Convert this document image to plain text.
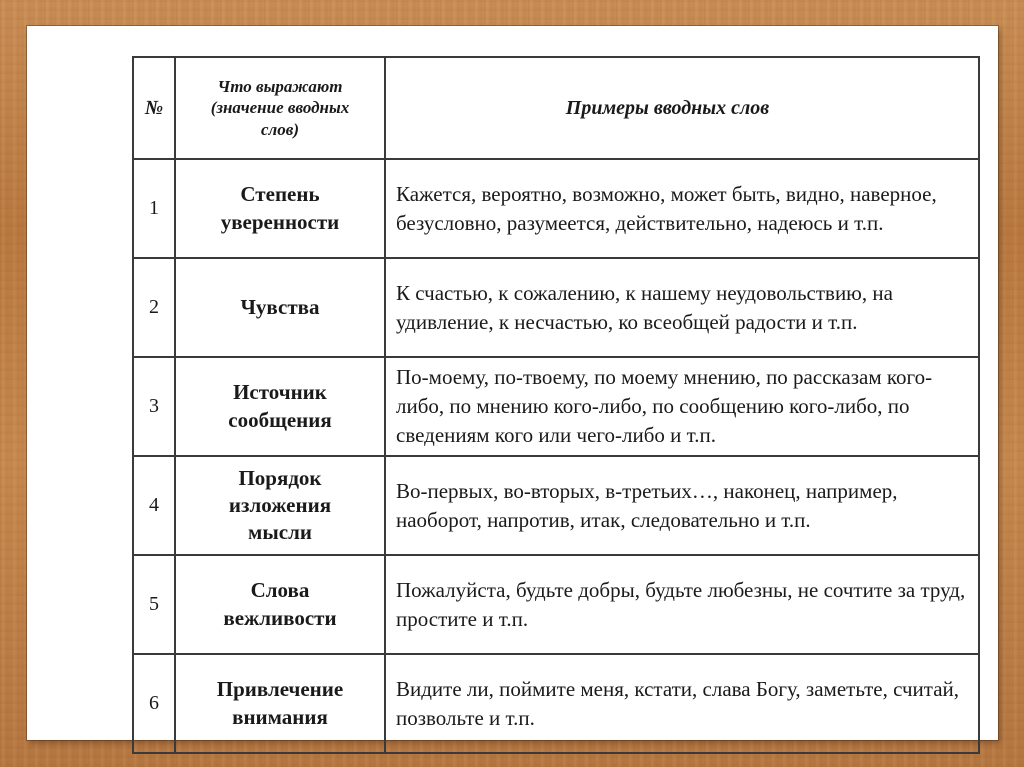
№	Что выражают (значение вводных слов)	Примеры вводных слов
1	Степень уверенности	Кажется, вероятно, возможно, может быть, видно, наверное, безусловно, разумеется, действительно, надеюсь и т.п.
2	Чувства	К счастью, к сожалению, к нашему неудовольствию, на удивление, к несчастью, ко всеобщей радости и т.п.
3	Источник сообщения	По-моему, по-твоему, по моему мнению, по рассказам кого- либо, по мнению кого-либо, по сообщению кого-либо, по сведениям кого или чего-либо и т.п.
4	Порядок изложения мысли	Во-первых, во-вторых, в-третьих…, наконец, например, наоборот, напротив, итак, следовательно и т.п.
5	Слова вежливости	Пожалуйста, будьте добры, будьте любезны, не сочтите за труд, простите и т.п.
6	Привлечение внимания	Видите ли, поймите меня, кстати, слава Богу, заметьте, считай, позвольте и т.п.
